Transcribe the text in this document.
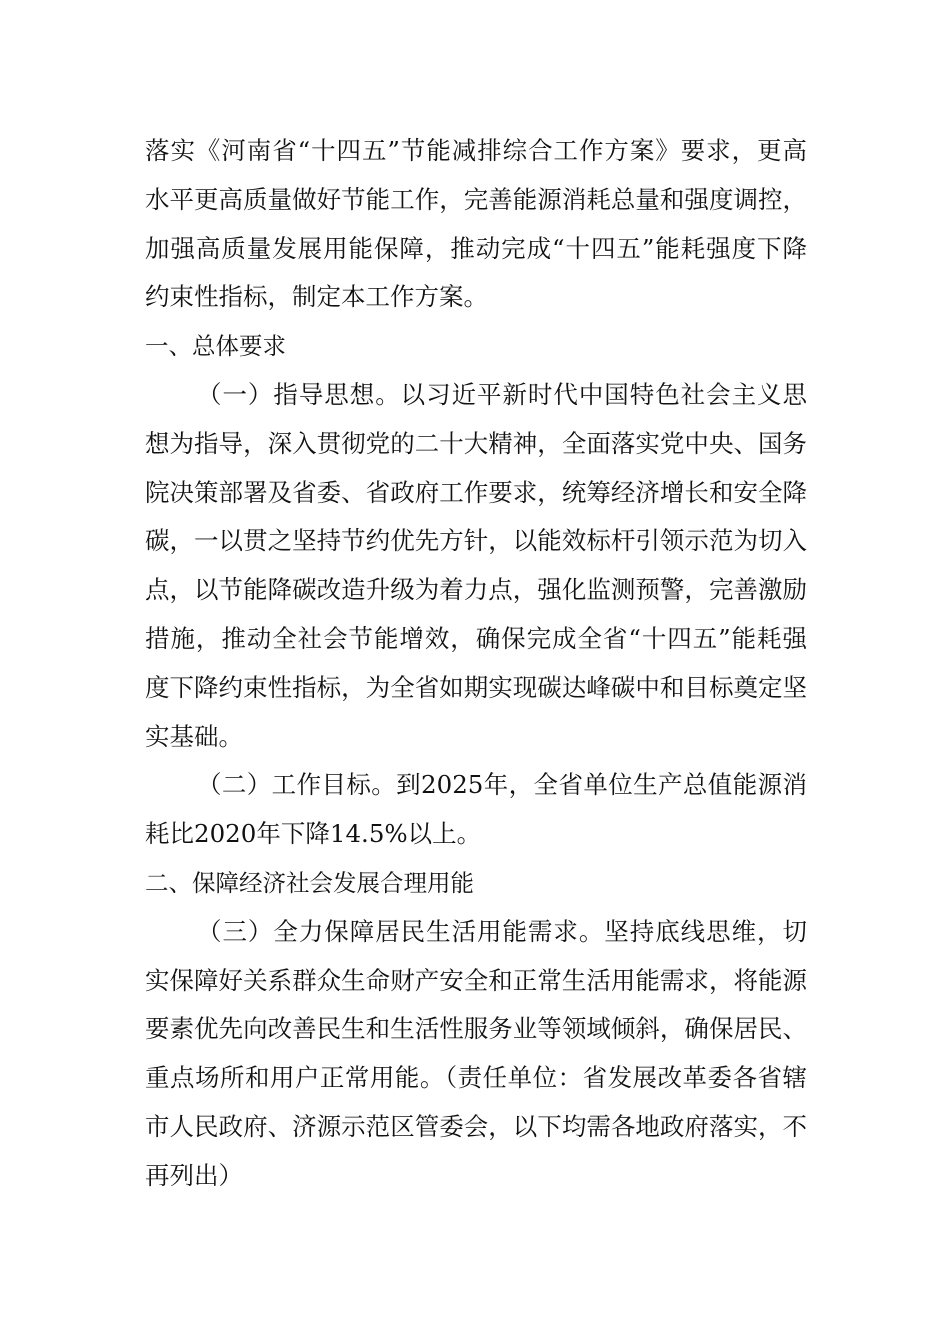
落实《河南省“十四五”节能减排综合工作方案》要求，更高水平更高质量做好节能工作，完善能源消耗总量和强度调控，加强高质量发展用能保障，推动完成“十四五”能耗强度下降约束性指标，制定本工作方案。

一、总体要求

（一）指导思想。以习近平新时代中国特色社会主义思想为指导，深入贯彻党的二十大精神，全面落实党中央、国务院决策部署及省委、省政府工作要求，统筹经济增长和安全降碳，一以贯之坚持节约优先方针，以能效标杆引领示范为切入点，以节能降碳改造升级为着力点，强化监测预警，完善激励措施，推动全社会节能增效，确保完成全省“十四五”能耗强度下降约束性指标，为全省如期实现碳达峰碳中和目标奠定坚实基础。

（二）工作目标。到2025年，全省单位生产总值能源消耗比2020年下降14.5%以上。

二、保障经济社会发展合理用能

（三）全力保障居民生活用能需求。坚持底线思维，切实保障好关系群众生命财产安全和正常生活用能需求，将能源要素优先向改善民生和生活性服务业等领域倾斜，确保居民、重点场所和用户正常用能。（责任单位：省发展改革委各省辖市人民政府、济源示范区管委会，以下均需各地政府落实，不再列出）
